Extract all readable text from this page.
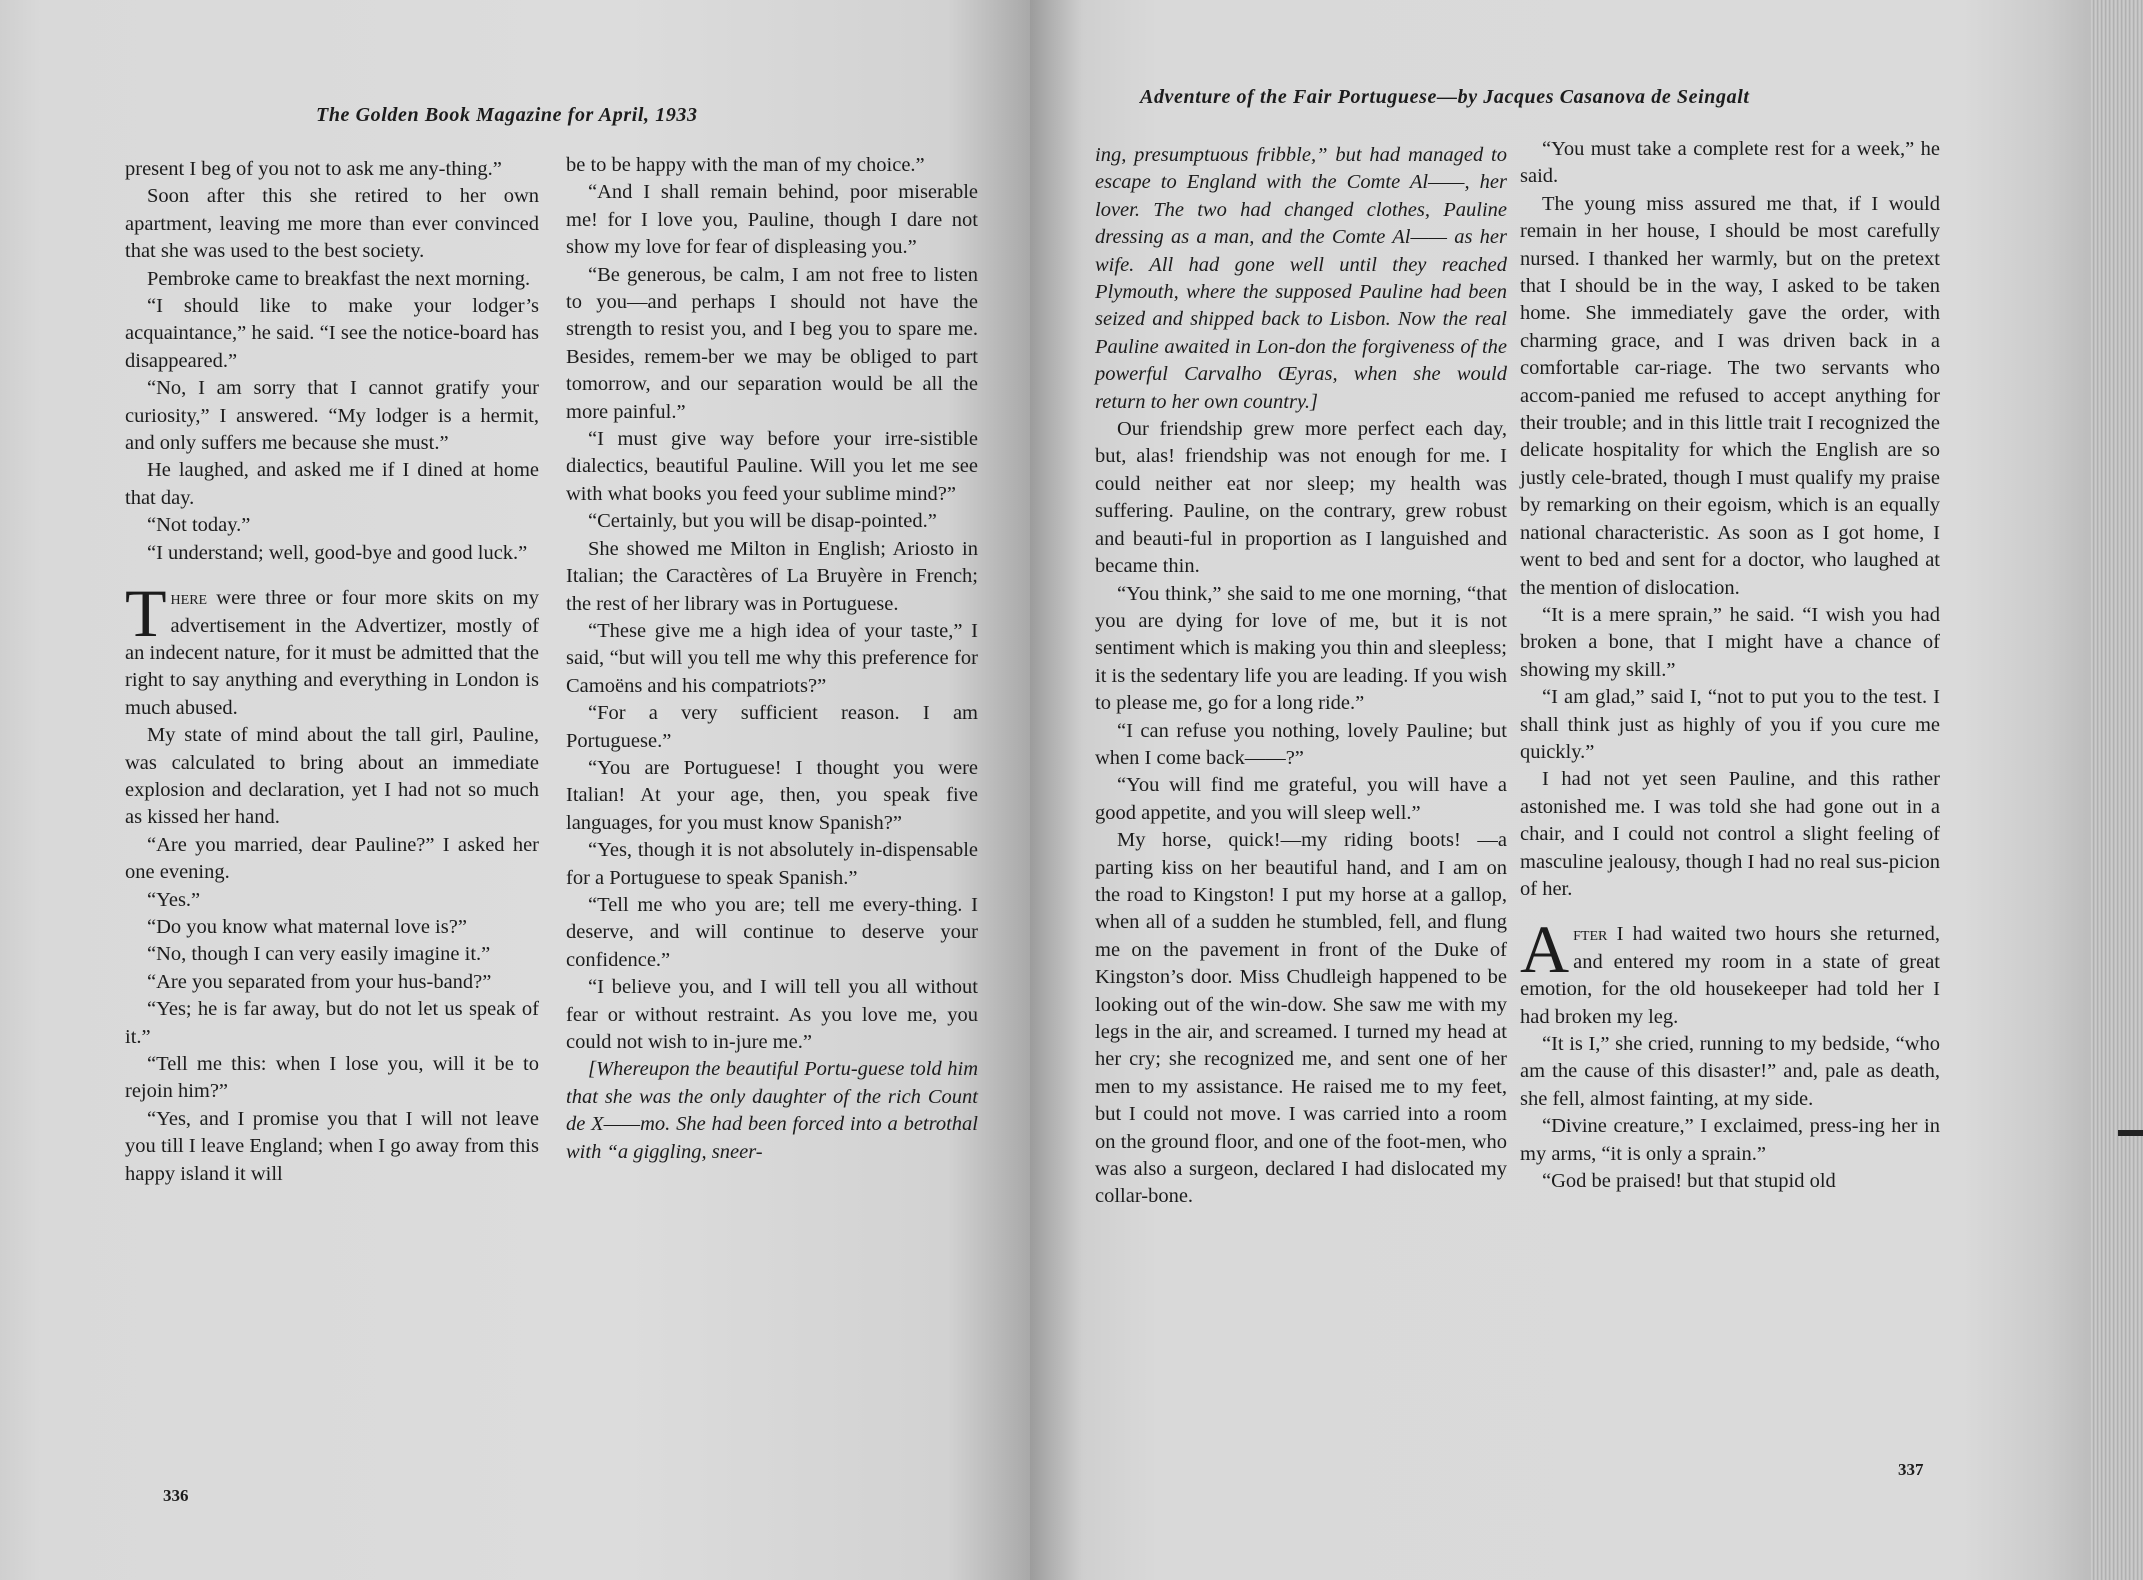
The Golden Book Magazine for April, 1933

present I beg of you not to ask me any-thing.”

Soon after this she retired to her own apartment, leaving me more than ever convinced that she was used to the best society.

Pembroke came to breakfast the next morning.

“I should like to make your lodger’s acquaintance,” he said. “I see the notice-board has disappeared.”

“No, I am sorry that I cannot gratify your curiosity,” I answered. “My lodger is a hermit, and only suffers me because she must.”

He laughed, and asked me if I dined at home that day.

“Not today.”

“I understand; well, good-bye and good luck.”

There were three or four more skits on my advertisement in the Advertizer, mostly of an indecent nature, for it must be admitted that the right to say anything and everything in London is much abused.

My state of mind about the tall girl, Pauline, was calculated to bring about an immediate explosion and declaration, yet I had not so much as kissed her hand.

“Are you married, dear Pauline?” I asked her one evening.

“Yes.”

“Do you know what maternal love is?”

“No, though I can very easily imagine it.”

“Are you separated from your hus-band?”

“Yes; he is far away, but do not let us speak of it.”

“Tell me this: when I lose you, will it be to rejoin him?”

“Yes, and I promise you that I will not leave you till I leave England; when I go away from this happy island it will

be to be happy with the man of my choice.”

“And I shall remain behind, poor miserable me! for I love you, Pauline, though I dare not show my love for fear of displeasing you.”

“Be generous, be calm, I am not free to listen to you—and perhaps I should not have the strength to resist you, and I beg you to spare me. Besides, remem-ber we may be obliged to part tomorrow, and our separation would be all the more painful.”

“I must give way before your irre-sistible dialectics, beautiful Pauline. Will you let me see with what books you feed your sublime mind?”

“Certainly, but you will be disap-pointed.”

She showed me Milton in English; Ariosto in Italian; the Caractères of La Bruyère in French; the rest of her library was in Portuguese.

“These give me a high idea of your taste,” I said, “but will you tell me why this preference for Camoëns and his compatriots?”

“For a very sufficient reason. I am Portuguese.”

“You are Portuguese! I thought you were Italian! At your age, then, you speak five languages, for you must know Spanish?”

“Yes, though it is not absolutely in-dispensable for a Portuguese to speak Spanish.”

“Tell me who you are; tell me every-thing. I deserve, and will continue to deserve your confidence.”

“I believe you, and I will tell you all without fear or without restraint. As you love me, you could not wish to in-jure me.”

[Whereupon the beautiful Portu-guese told him that she was the only daughter of the rich Count de X——mo. She had been forced into a betrothal with “a giggling, sneer-

336
Adventure of the Fair Portuguese—by Jacques Casanova de Seingalt

ing, presumptuous fribble,” but had managed to escape to England with the Comte Al——, her lover. The two had changed clothes, Pauline dressing as a man, and the Comte Al—— as her wife. All had gone well until they reached Plymouth, where the supposed Pauline had been seized and shipped back to Lisbon. Now the real Pauline awaited in Lon-don the forgiveness of the powerful Carvalho Œyras, when she would return to her own country.]

Our friendship grew more perfect each day, but, alas! friendship was not enough for me. I could neither eat nor sleep; my health was suffering. Pauline, on the contrary, grew robust and beauti-ful in proportion as I languished and became thin.

“You think,” she said to me one morning, “that you are dying for love of me, but it is not sentiment which is making you thin and sleepless; it is the sedentary life you are leading. If you wish to please me, go for a long ride.”

“I can refuse you nothing, lovely Pauline; but when I come back——?”

“You will find me grateful, you will have a good appetite, and you will sleep well.”

My horse, quick!—my riding boots! —a parting kiss on her beautiful hand, and I am on the road to Kingston! I put my horse at a gallop, when all of a sudden he stumbled, fell, and flung me on the pavement in front of the Duke of Kingston’s door. Miss Chudleigh happened to be looking out of the win-dow. She saw me with my legs in the air, and screamed. I turned my head at her cry; she recognized me, and sent one of her men to my assistance. He raised me to my feet, but I could not move. I was carried into a room on the ground floor, and one of the foot-men, who was also a surgeon, declared I had dislocated my collar-bone.

“You must take a complete rest for a week,” he said.

The young miss assured me that, if I would remain in her house, I should be most carefully nursed. I thanked her warmly, but on the pretext that I should be in the way, I asked to be taken home. She immediately gave the order, with charming grace, and I was driven back in a comfortable car-riage. The two servants who accom-panied me refused to accept anything for their trouble; and in this little trait I recognized the delicate hospitality for which the English are so justly cele-brated, though I must qualify my praise by remarking on their egoism, which is an equally national characteristic. As soon as I got home, I went to bed and sent for a doctor, who laughed at the mention of dislocation.

“It is a mere sprain,” he said. “I wish you had broken a bone, that I might have a chance of showing my skill.”

“I am glad,” said I, “not to put you to the test. I shall think just as highly of you if you cure me quickly.”

I had not yet seen Pauline, and this rather astonished me. I was told she had gone out in a chair, and I could not control a slight feeling of masculine jealousy, though I had no real sus-picion of her.

After I had waited two hours she returned, and entered my room in a state of great emotion, for the old housekeeper had told her I had broken my leg.

“It is I,” she cried, running to my bedside, “who am the cause of this disaster!” and, pale as death, she fell, almost fainting, at my side.

“Divine creature,” I exclaimed, press-ing her in my arms, “it is only a sprain.”

“God be praised! but that stupid old

337
